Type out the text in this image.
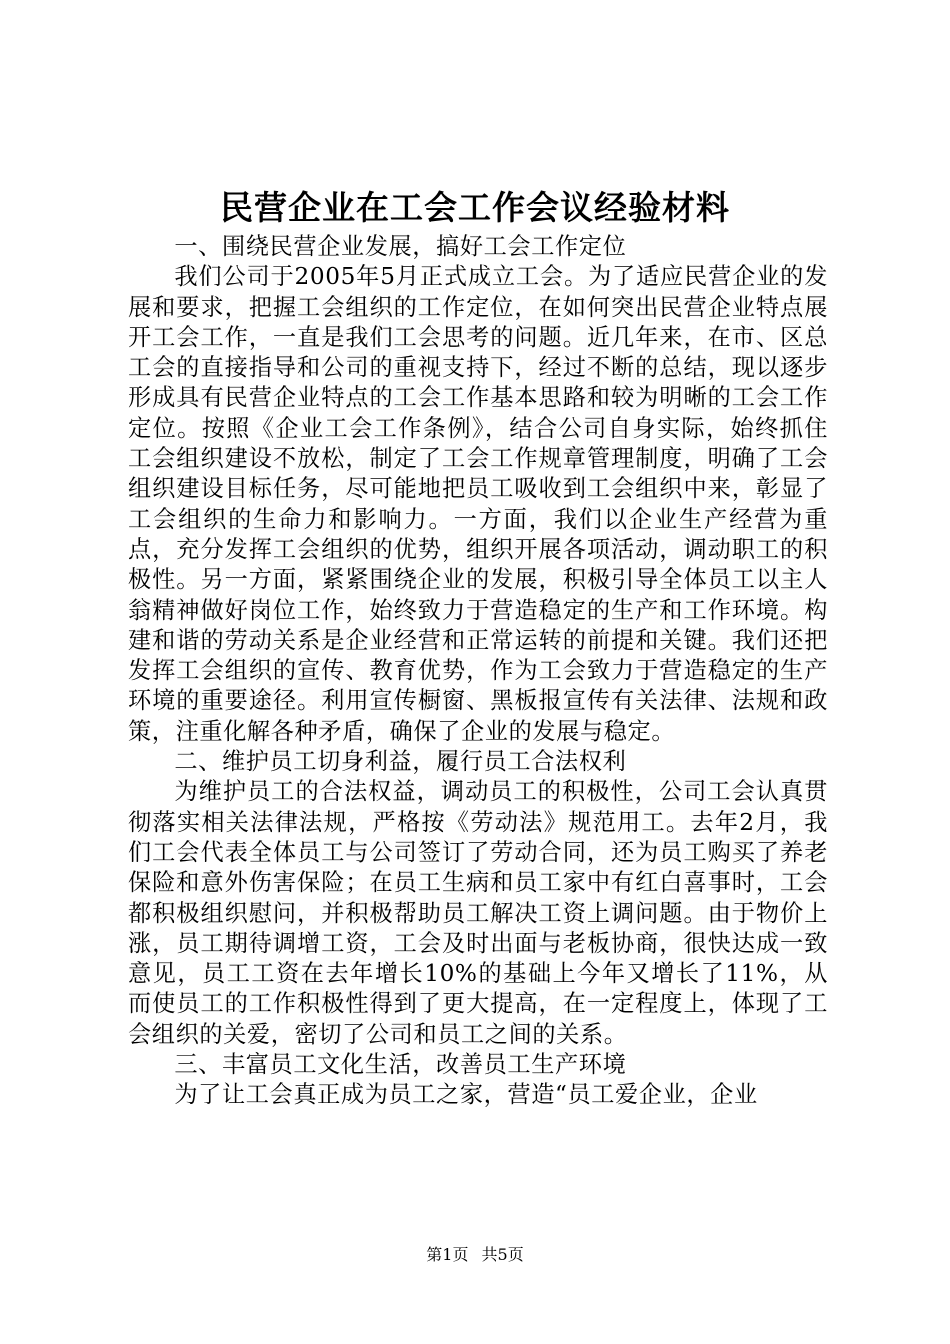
民营企业在工会工作会议经验材料

一、围绕民营企业发展，搞好工会工作定位

我们公司于2005年5月正式成立工会。为了适应民营企业的发展和要求，把握工会组织的工作定位，在如何突出民营企业特点展开工会工作，一直是我们工会思考的问题。近几年来，在市、区总工会的直接指导和公司的重视支持下，经过不断的总结，现以逐步形成具有民营企业特点的工会工作基本思路和较为明晰的工会工作定位。按照《企业工会工作条例》，结合公司自身实际，始终抓住工会组织建设不放松，制定了工会工作规章管理制度，明确了工会组织建设目标任务，尽可能地把员工吸收到工会组织中来，彰显了工会组织的生命力和影响力。一方面，我们以企业生产经营为重点，充分发挥工会组织的优势，组织开展各项活动，调动职工的积极性。另一方面，紧紧围绕企业的发展，积极引导全体员工以主人翁精神做好岗位工作，始终致力于营造稳定的生产和工作环境。构建和谐的劳动关系是企业经营和正常运转的前提和关键。我们还把发挥工会组织的宣传、教育优势，作为工会致力于营造稳定的生产环境的重要途径。利用宣传橱窗、黑板报宣传有关法律、法规和政策，注重化解各种矛盾，确保了企业的发展与稳定。

二、维护员工切身利益，履行员工合法权利

为维护员工的合法权益，调动员工的积极性，公司工会认真贯彻落实相关法律法规，严格按《劳动法》规范用工。去年2月，我们工会代表全体员工与公司签订了劳动合同，还为员工购买了养老保险和意外伤害保险；在员工生病和员工家中有红白喜事时，工会都积极组织慰问，并积极帮助员工解决工资上调问题。由于物价上涨，员工期待调增工资，工会及时出面与老板协商，很快达成一致意见，员工工资在去年增长10%的基础上今年又增长了11%，从而使员工的工作积极性得到了更大提高，在一定程度上，体现了工会组织的关爱，密切了公司和员工之间的关系。

三、丰富员工文化生活，改善员工生产环境

为了让工会真正成为员工之家，营造“员工爱企业，企业

第1页 共5页
